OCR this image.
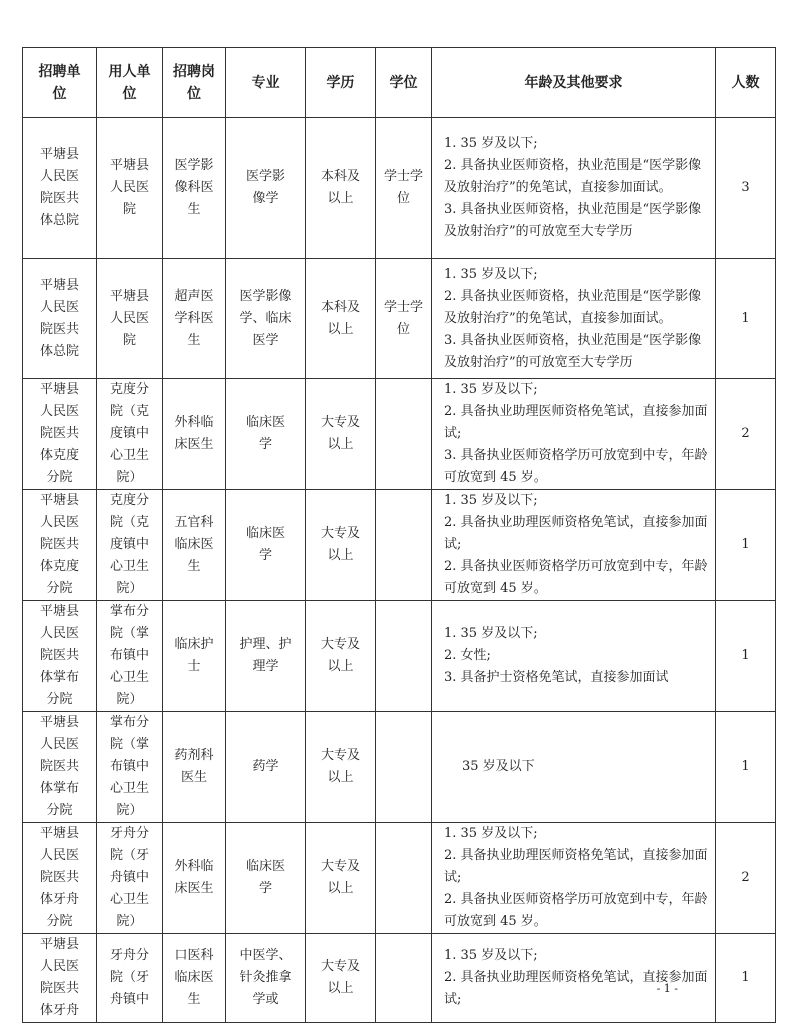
招聘单位	用人单位	招聘岗位	专业	学历	学位	年龄及其他要求	人数
平塘县人民医院医共体总院	平塘县人民医院	医学影像科医生	医学影像学	本科及以上	学士学位	1. 35 岁及以下;
2. 具备执业医师资格，执业范围是“医学影像及放射治疗”的免笔试，直接参加面试。
3. 具备执业医师资格，执业范围是“医学影像及放射治疗”的可放宽至大专学历	3
平塘县人民医院医共体总院	平塘县人民医院	超声医学科医生	医学影像学、临床医学	本科及以上	学士学位	1. 35 岁及以下;
2. 具备执业医师资格，执业范围是“医学影像及放射治疗”的免笔试，直接参加面试。
3. 具备执业医师资格，执业范围是“医学影像及放射治疗”的可放宽至大专学历	1
平塘县人民医院医共体克度分院	克度分院（克度镇中心卫生院）	外科临床医生	临床医学	大专及以上		1. 35 岁及以下;
2. 具备执业助理医师资格免笔试，直接参加面试;
3. 具备执业医师资格学历可放宽到中专，年龄可放宽到 45 岁。	2
平塘县人民医院医共体克度分院	克度分院（克度镇中心卫生院）	五官科临床医生	临床医学	大专及以上		1. 35 岁及以下;
2. 具备执业助理医师资格免笔试，直接参加面试;
2. 具备执业医师资格学历可放宽到中专，年龄可放宽到 45 岁。	1
平塘县人民医院医共体掌布分院	掌布分院（掌布镇中心卫生院）	临床护士	护理、护理学	大专及以上		1. 35 岁及以下;
2. 女性;
3. 具备护士资格免笔试，直接参加面试	1
平塘县人民医院医共体掌布分院	掌布分院（掌布镇中心卫生院）	药剂科医生	药学	大专及以上		35 岁及以下	1
平塘县人民医院医共体牙舟分院	牙舟分院（牙舟镇中心卫生院）	外科临床医生	临床医学	大专及以上		1. 35 岁及以下;
2. 具备执业助理医师资格免笔试，直接参加面试;
2. 具备执业医师资格学历可放宽到中专，年龄可放宽到 45 岁。	2
平塘县人民医院医共体牙舟	牙舟分院（牙舟镇中	口医科临床医生	中医学、针灸推拿学或	大专及以上		1. 35 岁及以下;
2. 具备执业助理医师资格免笔试，直接参加面试;	1
- 1 -
